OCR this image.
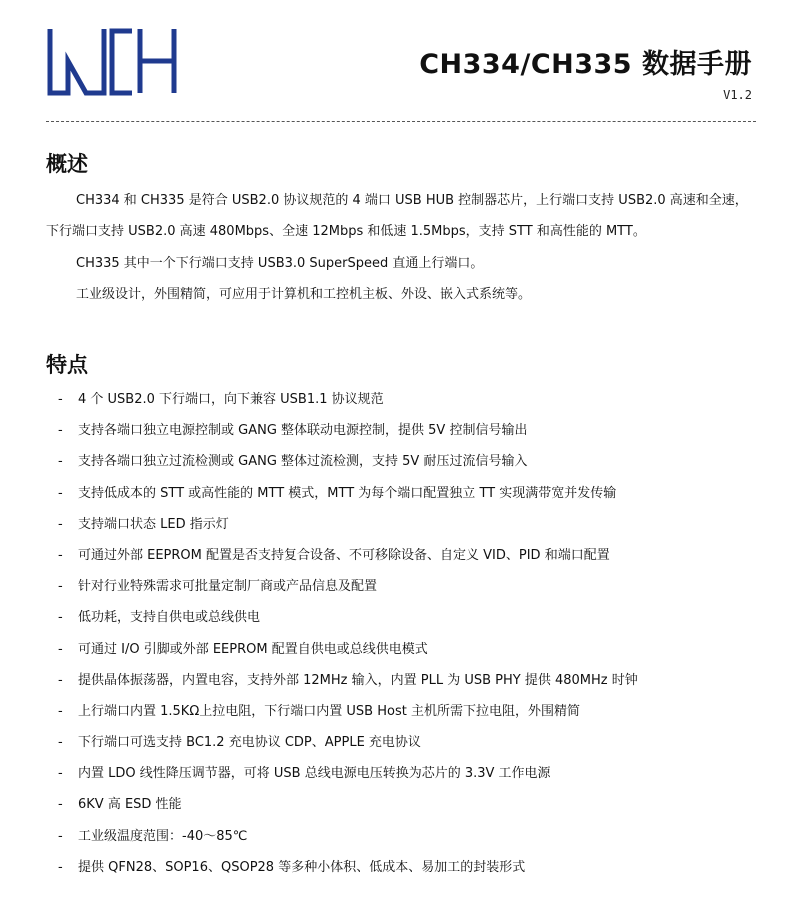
CH334/CH335 数据手册
V1.2
概述

CH334 和 CH335 是符合 USB2.0 协议规范的 4 端口 USB HUB 控制器芯片，上行端口支持 USB2.0 高速和全速，下行端口支持 USB2.0 高速 480Mbps、全速 12Mbps 和低速 1.5Mbps，支持 STT 和高性能的 MTT。

CH335 其中一个下行端口支持 USB3.0 SuperSpeed 直通上行端口。

工业级设计，外围精简，可应用于计算机和工控机主板、外设、嵌入式系统等。

特点
- 4 个 USB2.0 下行端口，向下兼容 USB1.1 协议规范
- 支持各端口独立电源控制或 GANG 整体联动电源控制，提供 5V 控制信号输出
- 支持各端口独立过流检测或 GANG 整体过流检测，支持 5V 耐压过流信号输入
- 支持低成本的 STT 或高性能的 MTT 模式，MTT 为每个端口配置独立 TT 实现满带宽并发传输
- 支持端口状态 LED 指示灯
- 可通过外部 EEPROM 配置是否支持复合设备、不可移除设备、自定义 VID、PID 和端口配置
- 针对行业特殊需求可批量定制厂商或产品信息及配置
- 低功耗，支持自供电或总线供电
- 可通过 I/O 引脚或外部 EEPROM 配置自供电或总线供电模式
- 提供晶体振荡器，内置电容，支持外部 12MHz 输入，内置 PLL 为 USB PHY 提供 480MHz 时钟
- 上行端口内置 1.5KΩ上拉电阻，下行端口内置 USB Host 主机所需下拉电阻，外围精简
- 下行端口可选支持 BC1.2 充电协议 CDP、APPLE 充电协议
- 内置 LDO 线性降压调节器，可将 USB 总线电源电压转换为芯片的 3.3V 工作电源
- 6KV 高 ESD 性能
- 工业级温度范围：-40～85℃
- 提供 QFN28、SOP16、QSOP28 等多种小体积、低成本、易加工的封装形式
